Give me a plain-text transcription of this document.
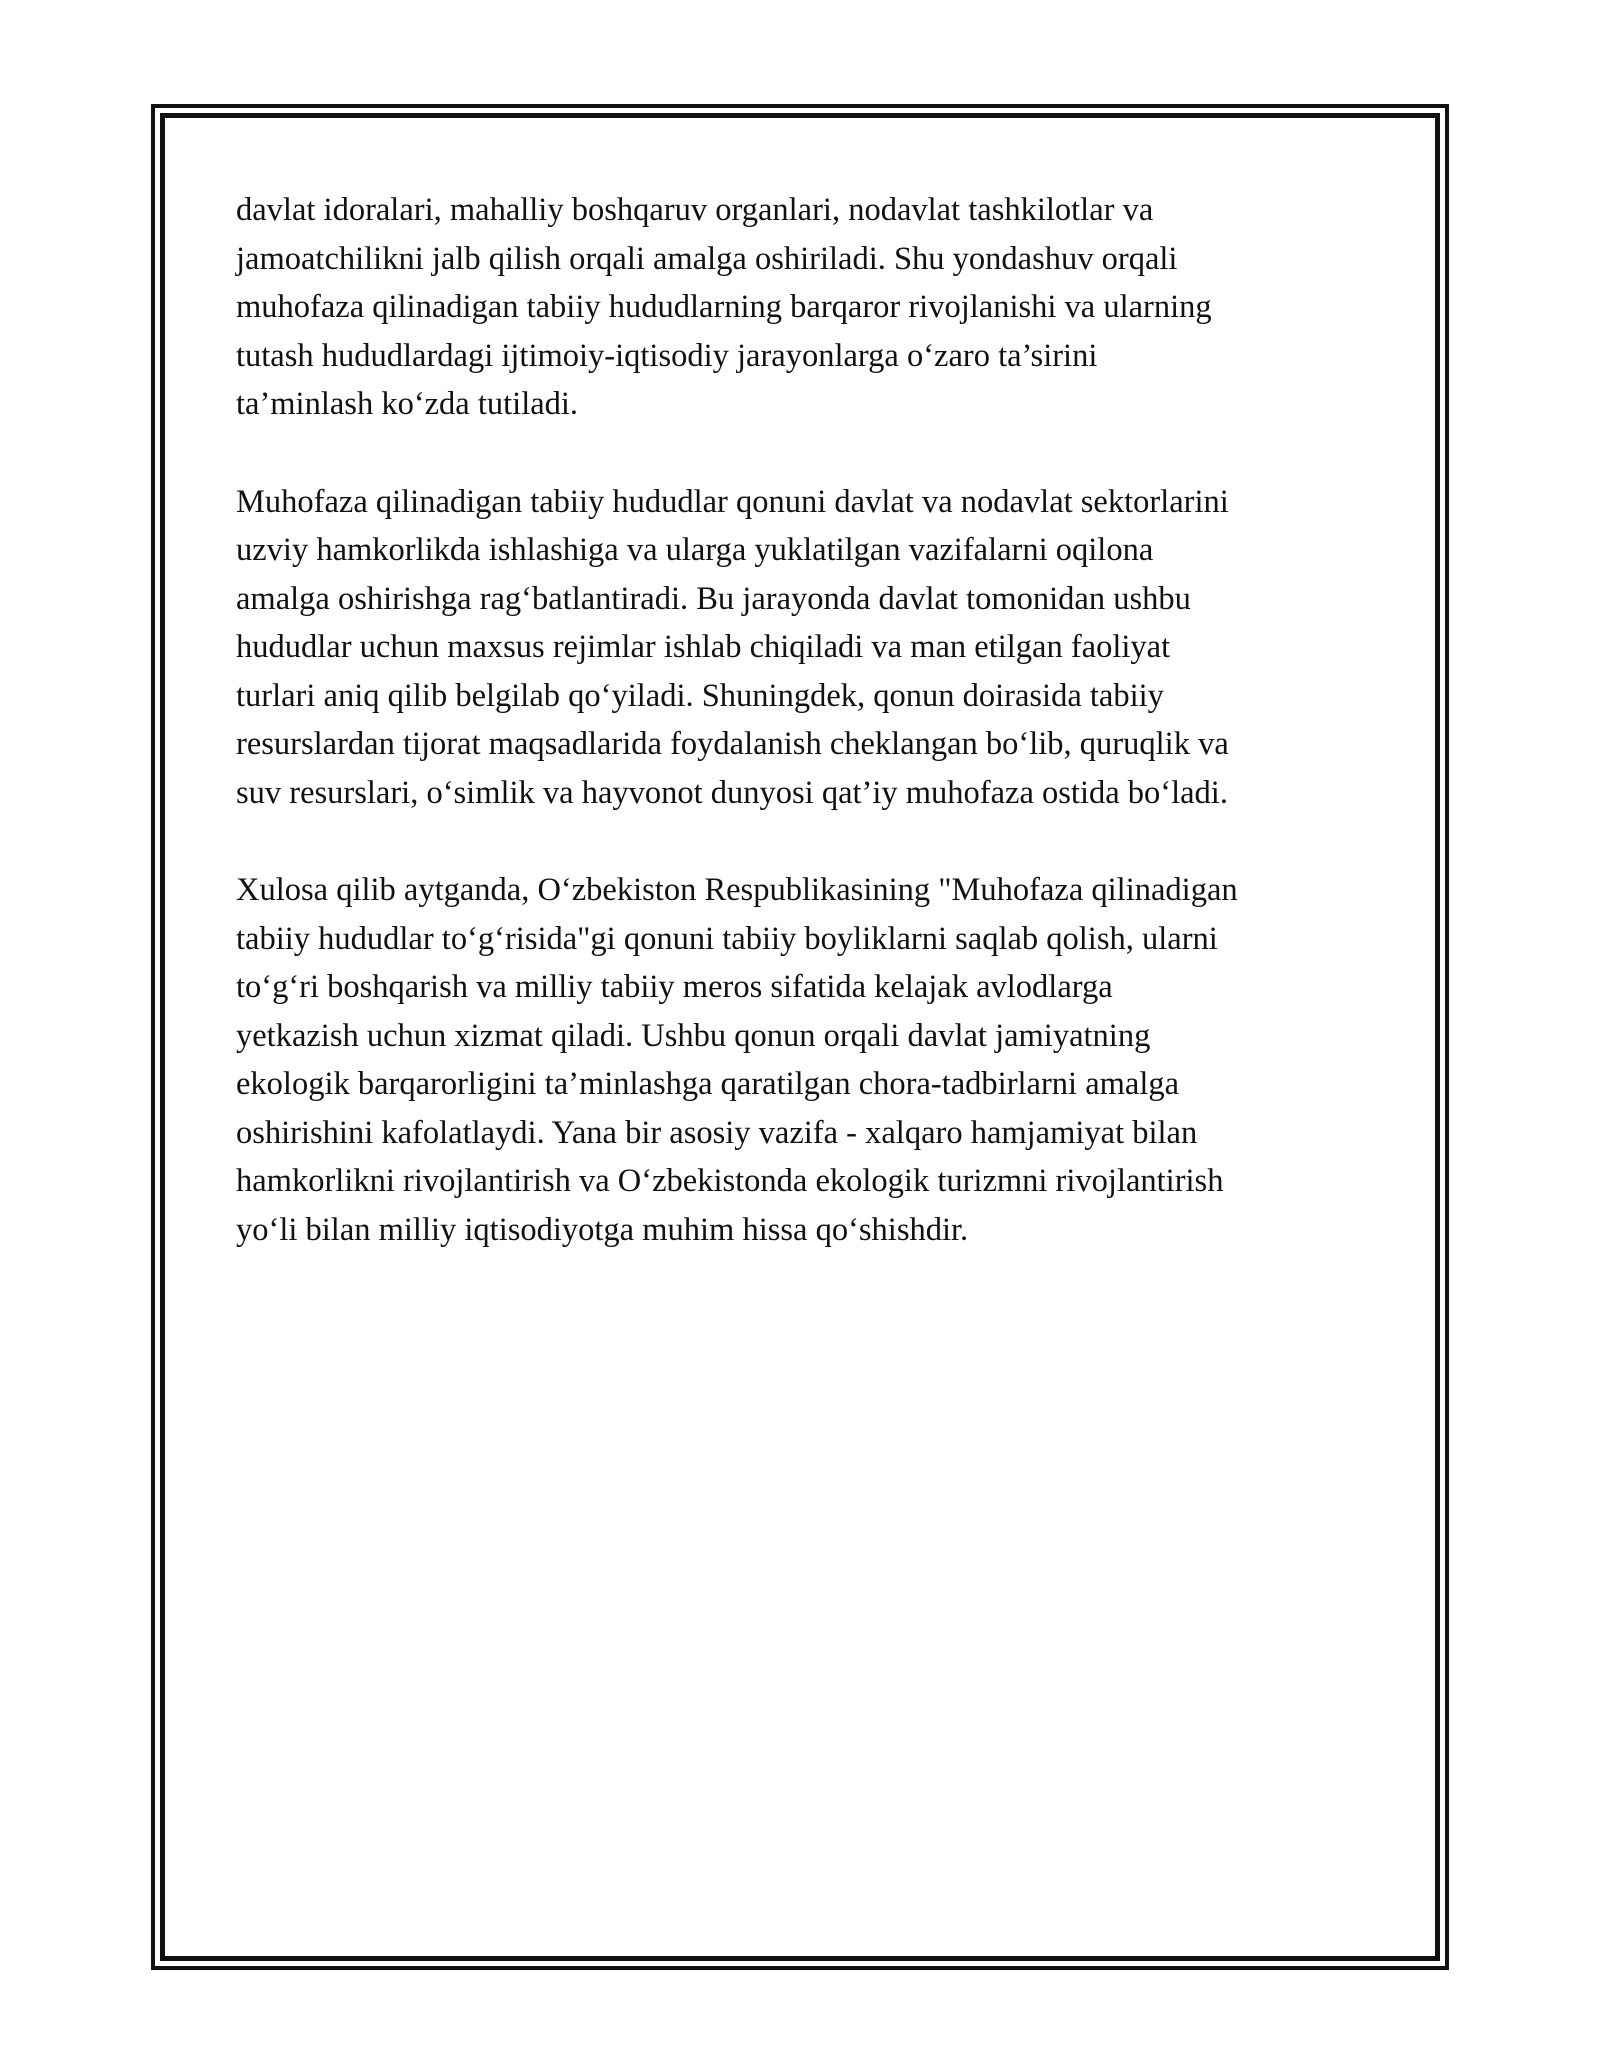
davlat idoralari, mahalliy boshqaruv organlari, nodavlat tashkilotlar va
jamoatchilikni jalb qilish orqali amalga oshiriladi. Shu yondashuv orqali
muhofaza qilinadigan tabiiy hududlarning barqaror rivojlanishi va ularning
tutash hududlardagi ijtimoiy-iqtisodiy jarayonlarga o‘zaro ta’sirini
ta’minlash ko‘zda tutiladi.

Muhofaza qilinadigan tabiiy hududlar qonuni davlat va nodavlat sektorlarini
uzviy hamkorlikda ishlashiga va ularga yuklatilgan vazifalarni oqilona
amalga oshirishga rag‘batlantiradi. Bu jarayonda davlat tomonidan ushbu
hududlar uchun maxsus rejimlar ishlab chiqiladi va man etilgan faoliyat
turlari aniq qilib belgilab qo‘yiladi. Shuningdek, qonun doirasida tabiiy
resurslardan tijorat maqsadlarida foydalanish cheklangan bo‘lib, quruqlik va
suv resurslari, o‘simlik va hayvonot dunyosi qat’iy muhofaza ostida bo‘ladi.

Xulosa qilib aytganda, O‘zbekiston Respublikasining "Muhofaza qilinadigan
tabiiy hududlar to‘g‘risida"gi qonuni tabiiy boyliklarni saqlab qolish, ularni
to‘g‘ri boshqarish va milliy tabiiy meros sifatida kelajak avlodlarga
yetkazish uchun xizmat qiladi. Ushbu qonun orqali davlat jamiyatning
ekologik barqarorligini ta’minlashga qaratilgan chora-tadbirlarni amalga
oshirishini kafolatlaydi. Yana bir asosiy vazifa - xalqaro hamjamiyat bilan
hamkorlikni rivojlantirish va O‘zbekistonda ekologik turizmni rivojlantirish
yo‘li bilan milliy iqtisodiyotga muhim hissa qo‘shishdir.
